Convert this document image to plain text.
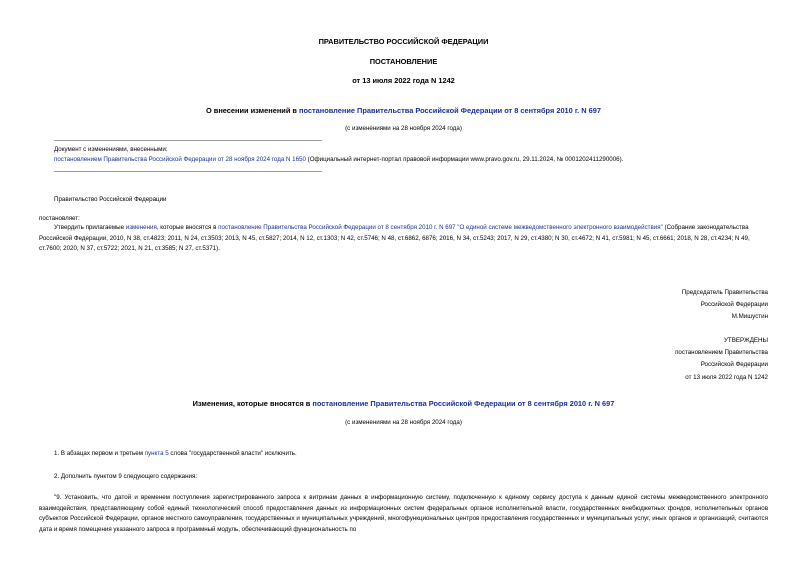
ПРАВИТЕЛЬСТВО РОССИЙСКОЙ ФЕДЕРАЦИИ
ПОСТАНОВЛЕНИЕ
от 13 июля 2022 года N 1242
О внесении изменений в постановление Правительства Российской Федерации от 8 сентября 2010 г. N 697
(с изменениями на 28 ноября 2024 года)
Документ с изменениями, внесенными:
постановлением Правительства Российской Федерации от 28 ноября 2024 года N 1650 (Официальный интернет-портал правовой информации www.pravo.gov.ru, 29.11.2024, № 0001202411290006).
Правительство Российской Федерации
постановляет:
Утвердить прилагаемые изменения, которые вносятся в постановление Правительства Российской Федерации от 8 сентября 2010 г. N 697 "О единой системе межведомственного электронного взаимодействия" (Собрание законодательства Российской Федерации, 2010, N 38, ст.4823; 2011, N 24, ст.3503; 2013, N 45, ст.5827; 2014, N 12, ст.1303; N 42, ст.5746; N 48, ст.6862, 6876; 2016, N 34, ст.5243; 2017, N 29, ст.4380; N 30, ст.4672; N 41, ст.5981; N 45, ст.6661; 2018, N 28, ст.4234; N 49, ст.7600; 2020, N 37, ст.5722; 2021, N 21, ст.3585; N 27, ст.5371).
Председатель Правительства
Российской Федерации
М.Мишустин
УТВЕРЖДЕНЫ
постановлением Правительства
Российской Федерации
от 13 июля 2022 года N 1242
Изменения, которые вносятся в постановление Правительства Российской Федерации от 8 сентября 2010 г. N 697
(с изменениями на 28 ноября 2024 года)
1. В абзацах первом и третьем пункта 5 слова "государственной власти" исключить.
2. Дополнить пунктом 9 следующего содержания:
"9. Установить, что датой и временем поступления зарегистрированного запроса к витринам данных в информационную систему, подключенную к единому сервису доступа к данным единой системы межведомственного электронного взаимодействия, представляющему собой единый технологический способ предоставления данных из информационных систем федеральных органов исполнительной власти, государственных внебюджетных фондов, исполнительных органов субъектов Российской Федерации, органов местного самоуправления, государственных и муниципальных учреждений, многофункциональных центров предоставления государственных и муниципальных услуг, иных органов и организаций, считаются дата и время помещения указанного запроса в программный модуль, обеспечивающий функциональность по
